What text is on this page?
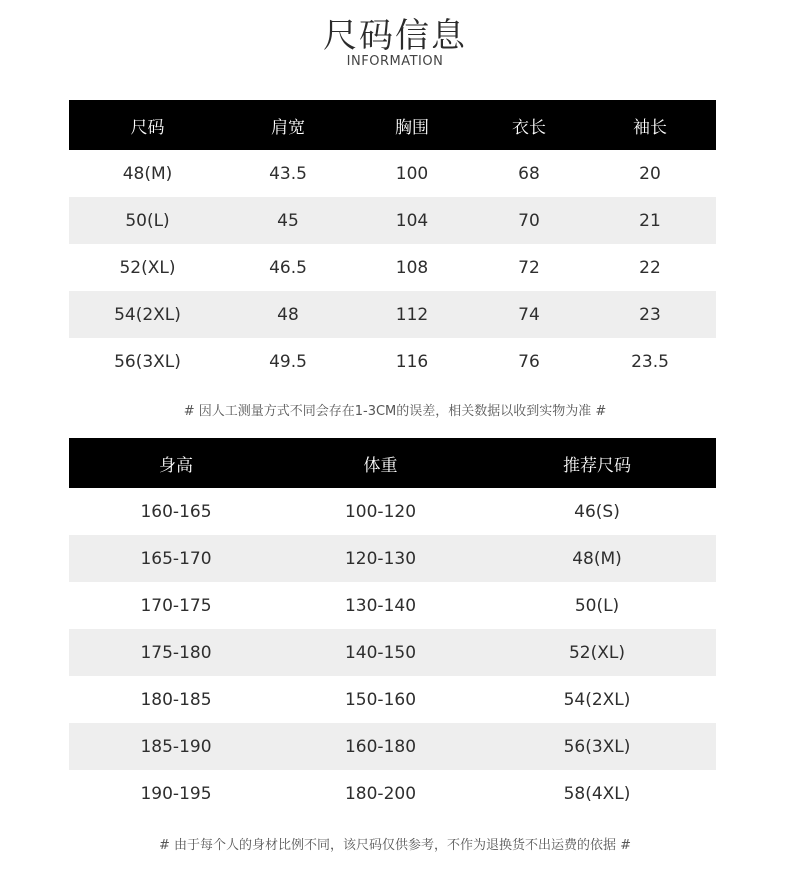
尺码信息
INFORMATION
尺码	肩宽	胸围	衣长	袖长
48(M)	43.5	100	68	20
50(L)	45	104	70	21
52(XL)	46.5	108	72	22
54(2XL)	48	112	74	23
56(3XL)	49.5	116	76	23.5
# 因人工测量方式不同会存在1-3CM的误差，相关数据以收到实物为准 #
身高	体重	推荐尺码
160-165	100-120	46(S)
165-170	120-130	48(M)
170-175	130-140	50(L)
175-180	140-150	52(XL)
180-185	150-160	54(2XL)
185-190	160-180	56(3XL)
190-195	180-200	58(4XL)
# 由于每个人的身材比例不同，该尺码仅供参考，不作为退换货不出运费的依据 #
